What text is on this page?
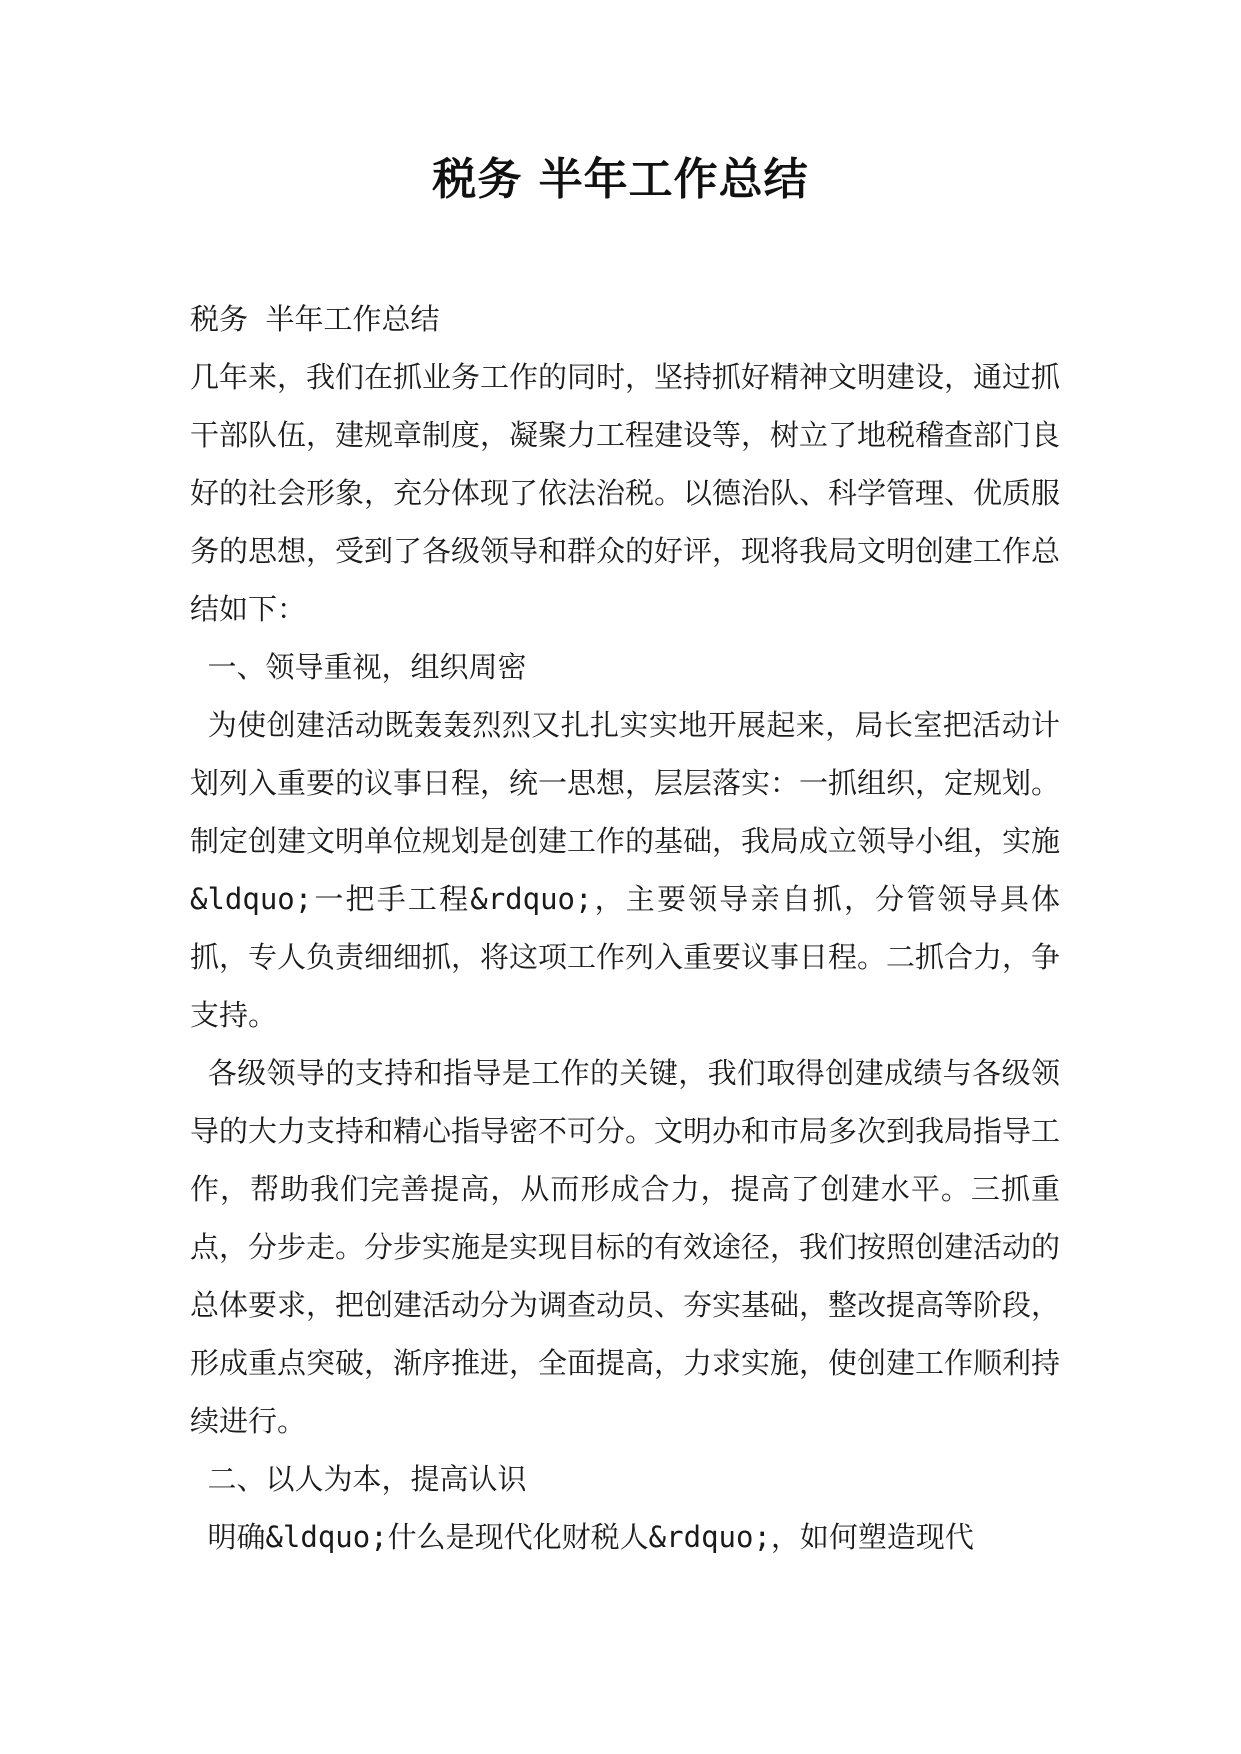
税务 半年工作总结

税务 半年工作总结

几年来，我们在抓业务工作的同时，坚持抓好精神文明建设，通过抓干部队伍，建规章制度，凝聚力工程建设等，树立了地税稽查部门良好的社会形象，充分体现了依法治税。以德治队、科学管理、优质服务的思想，受到了各级领导和群众的好评，现将我局文明创建工作总结如下：

一、领导重视，组织周密

为使创建活动既轰轰烈烈又扎扎实实地开展起来，局长室把活动计划列入重要的议事日程，统一思想，层层落实：一抓组织，定规划。制定创建文明单位规划是创建工作的基础，我局成立领导小组，实施&ldquo;一把手工程&rdquo;，主要领导亲自抓，分管领导具体抓，专人负责细细抓，将这项工作列入重要议事日程。二抓合力，争支持。

各级领导的支持和指导是工作的关键，我们取得创建成绩与各级领导的大力支持和精心指导密不可分。文明办和市局多次到我局指导工作，帮助我们完善提高，从而形成合力，提高了创建水平。三抓重点，分步走。分步实施是实现目标的有效途径，我们按照创建活动的总体要求，把创建活动分为调查动员、夯实基础，整改提高等阶段，形成重点突破，渐序推进，全面提高，力求实施，使创建工作顺利持续进行。

二、以人为本，提高认识

明确&ldquo;什么是现代化财税人&rdquo;，如何塑造现代
